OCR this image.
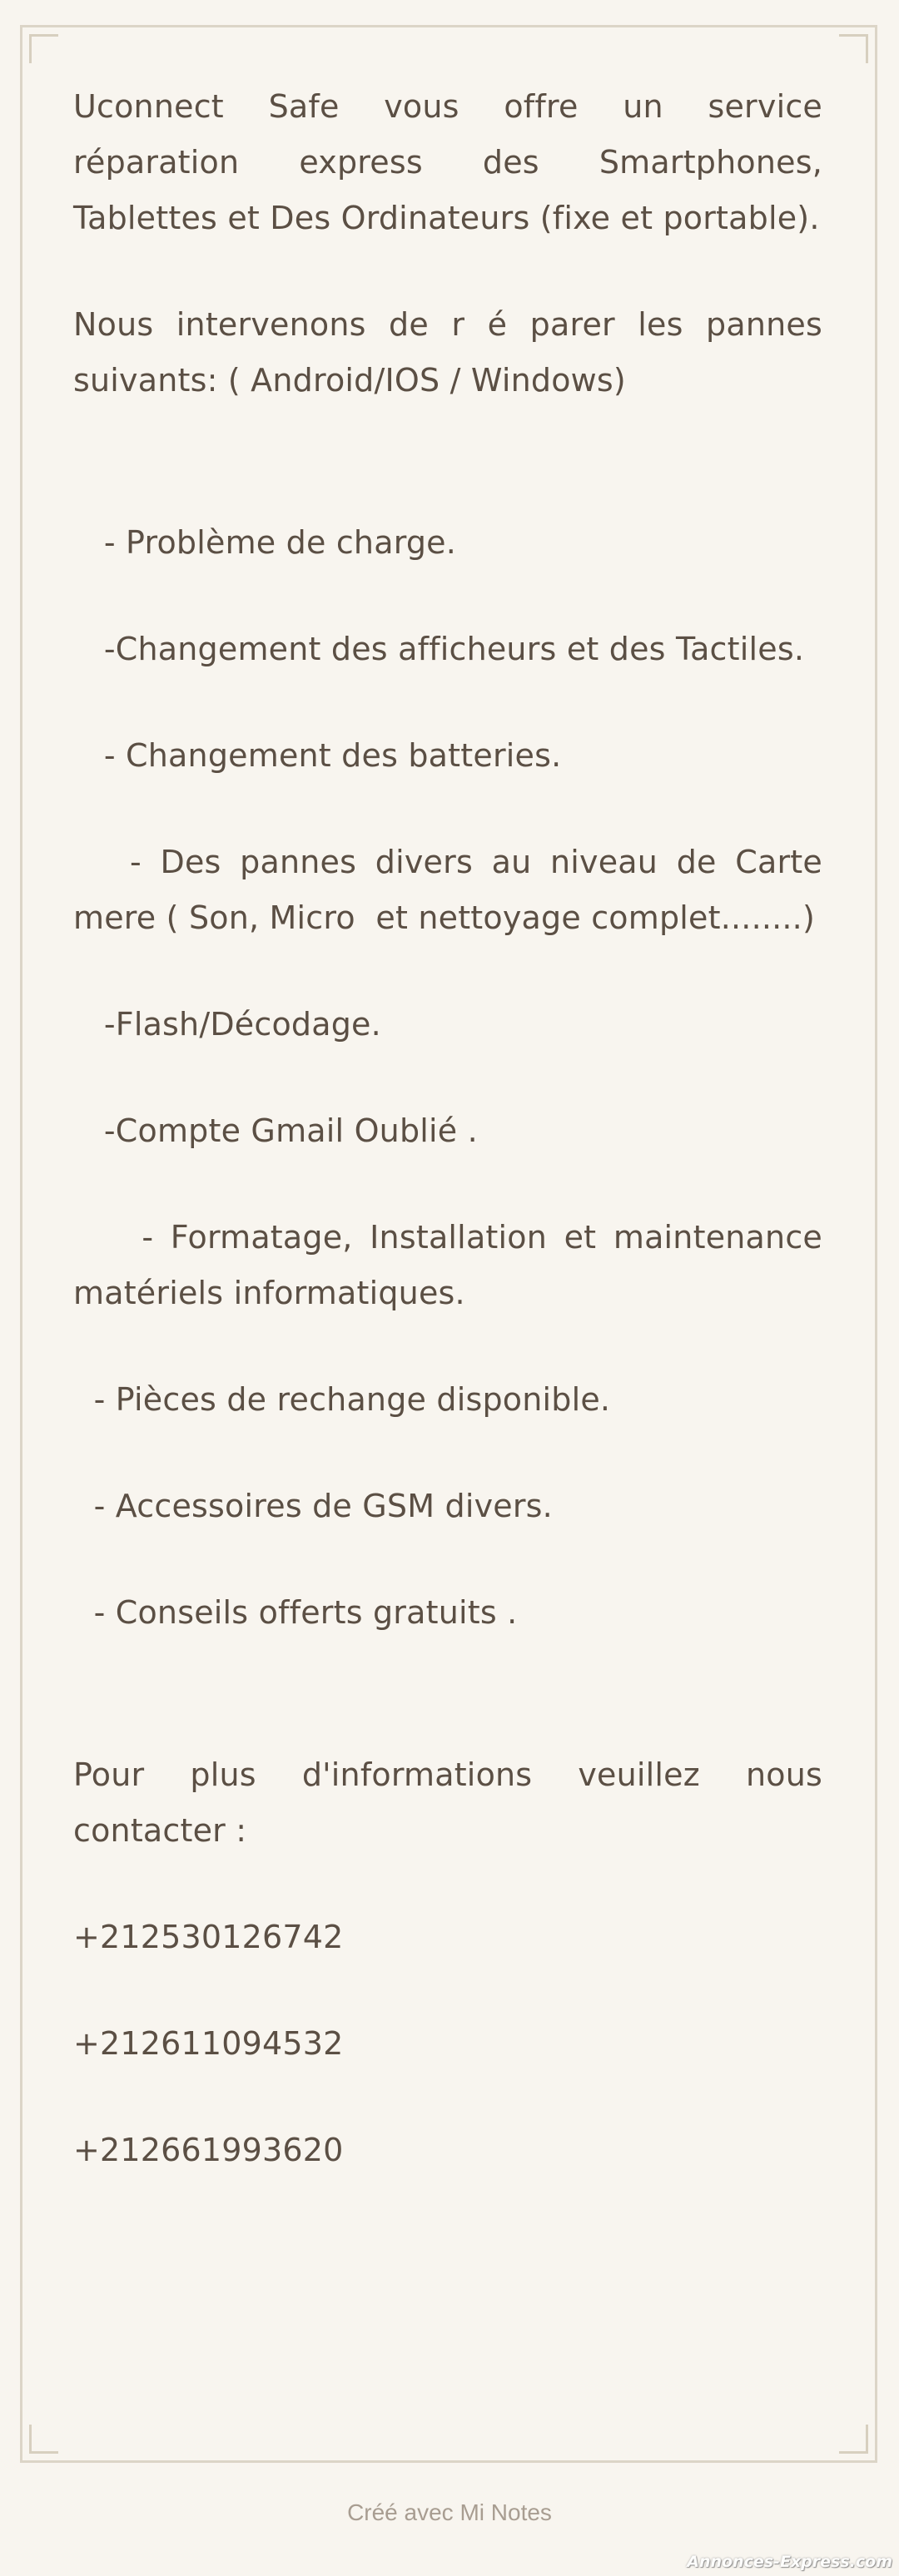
Uconnect Safe vous offre un service réparation express des Smartphones, Tablettes et Des Ordinateurs (fixe et portable).

Nous intervenons de r é parer les pannes suivants: ( Android/IOS / Windows)

- Problème de charge.

-Changement des afficheurs et des Tactiles.

- Changement des batteries.

- Des pannes divers au niveau de Carte  mere ( Son, Micro  et nettoyage complet........)

-Flash/Décodage.

-Compte Gmail Oublié .

- Formatage, Installation et maintenance matériels informatiques.

- Pièces de rechange disponible.

- Accessoires de GSM divers.

- Conseils offerts gratuits .

Pour plus d'informations veuillez nous contacter :

+212530126742

+212611094532

+212661993620

Créé avec Mi Notes
Annonces-Express.com
